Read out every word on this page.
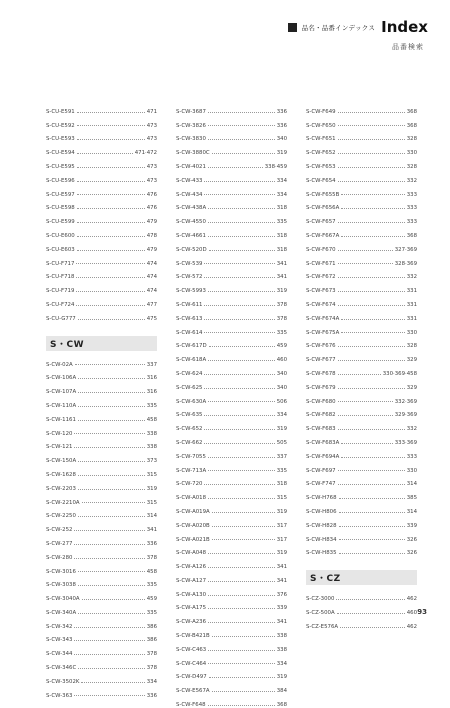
品名・品番インデックス Index
品番検索
S-CU-E591	471
S-CU-E592	473
S-CU-E593	473
S-CU-E594	471·472
S-CU-E595	473
S-CU-E596	473
S-CU-E597	476
S-CU-E598	476
S-CU-E599	479
S-CU-E600	478
S-CU-E603	479
S-CU-F717	474
S-CU-F718	474
S-CU-F719	474
S-CU-F724	477
S-CU-G777	475
S・CW
S-CW-02A	337
S-CW-106A	316
S-CW-107A	316
S-CW-110A	335
S-CW-1161	458
S-CW-120	338
S-CW-121	338
S-CW-150A	373
S-CW-1628	315
S-CW-2203	319
S-CW-2210A	315
S-CW-2250	314
S-CW-252	341
S-CW-277	336
S-CW-280	378
S-CW-3016	458
S-CW-3038	335
S-CW-3040A	459
S-CW-340A	335
S-CW-342	386
S-CW-343	386
S-CW-344	378
S-CW-346C	378
S-CW-3502K	334
S-CW-363	336
S-CW-3687	336
S-CW-3826	336
S-CW-3830	340
S-CW-3880C	319
S-CW-4021	338·459
S-CW-433	334
S-CW-434	334
S-CW-438A	318
S-CW-4550	335
S-CW-4661	318
S-CW-520D	318
S-CW-539	341
S-CW-572	341
S-CW-5993	319
S-CW-611	378
S-CW-613	378
S-CW-614	335
S-CW-617D	459
S-CW-618A	460
S-CW-624	340
S-CW-625	340
S-CW-630A	506
S-CW-635	334
S-CW-652	319
S-CW-662	505
S-CW-7055	337
S-CW-713A	335
S-CW-720	318
S-CW-A018	315
S-CW-A019A	319
S-CW-A020B	317
S-CW-A021B	317
S-CW-A048	319
S-CW-A126	341
S-CW-A127	341
S-CW-A130	376
S-CW-A175	339
S-CW-A236	341
S-CW-B421B	338
S-CW-C463	338
S-CW-C464	334
S-CW-D497	319
S-CW-E567A	384
S-CW-F648	368
S-CW-F649	368
S-CW-F650	368
S-CW-F651	328
S-CW-F652	330
S-CW-F653	328
S-CW-F654	332
S-CW-F655B	333
S-CW-F656A	333
S-CW-F657	333
S-CW-F667A	368
S-CW-F670	327·369
S-CW-F671	328·369
S-CW-F672	332
S-CW-F673	331
S-CW-F674	331
S-CW-F674A	331
S-CW-F675A	330
S-CW-F676	328
S-CW-F677	329
S-CW-F678	330·369·458
S-CW-F679	329
S-CW-F680	332·369
S-CW-F682	329·369
S-CW-F683	332
S-CW-F683A	333·369
S-CW-F694A	333
S-CW-F697	330
S-CW-F747	314
S-CW-H768	385
S-CW-H806	314
S-CW-H828	339
S-CW-H834	326
S-CW-H835	326
S・CZ
S-CZ-3000	462
S-CZ-500A	460
S-CZ-E576A	462
93
